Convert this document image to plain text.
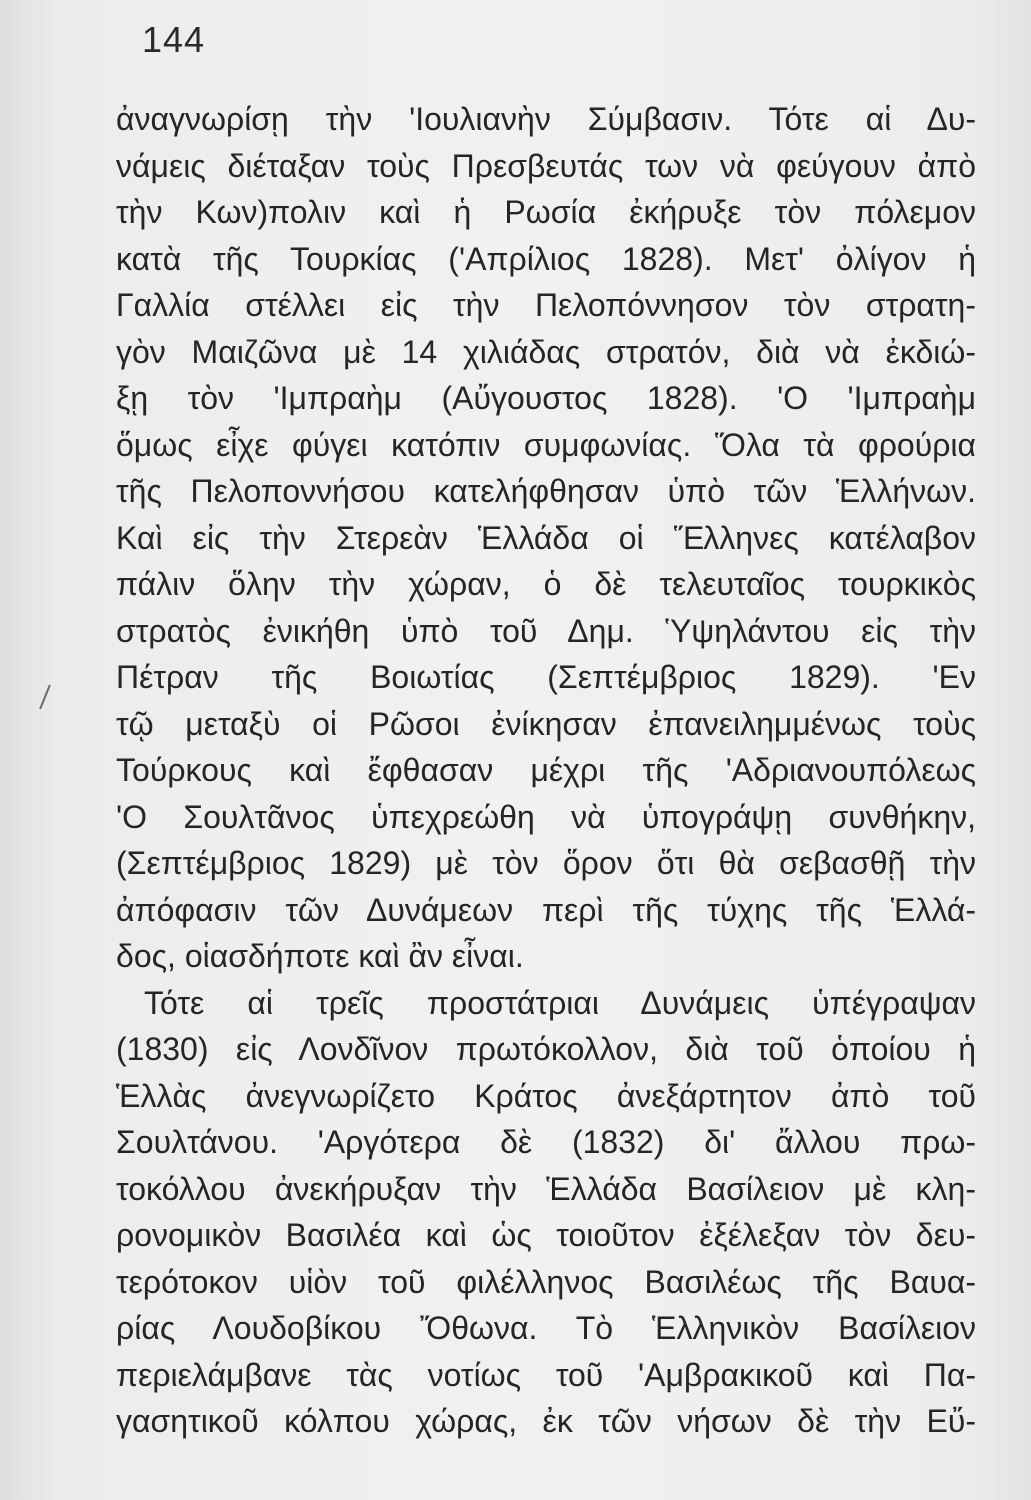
144
ἀναγνωρίσῃ τὴν 'Ιουλιανὴν Σύμβασιν. Τότε αἱ Δυ-
νάμεις διέταξαν τοὺς Πρεσβευτάς των νὰ φεύγουν ἀπὸ
τὴν Κων)πολιν καὶ ἡ Ρωσία ἐκήρυξε τὸν πόλεμον
κατὰ τῆς Τουρκίας ('Απρίλιος 1828). Μετ' ὀλίγον ἡ
Γαλλία στέλλει εἰς τὴν Πελοπόννησον τὸν στρατη-
γὸν Μαιζῶνα μὲ 14 χιλιάδας στρατόν, διὰ νὰ ἐκδιώ-
ξῃ τὸν 'Ιμπραὴμ (Αὔγουστος 1828). 'Ο 'Ιμπραὴμ
ὅμως εἶχε φύγει κατόπιν συμφωνίας. Ὅλα τὰ φρούρια
τῆς Πελοποννήσου κατελήφθησαν ὑπὸ τῶν Ἑλλήνων.
Καὶ εἰς τὴν Στερεὰν Ἑλλάδα οἱ Ἕλληνες κατέλαβον
πάλιν ὅλην τὴν χώραν, ὁ δὲ τελευταῖος τουρκικὸς
στρατὸς ἐνικήθη ὑπὸ τοῦ Δημ. Ὑψηλάντου εἰς τὴν
Πέτραν τῆς Βοιωτίας (Σεπτέμβριος 1829). 'Εν
τῷ μεταξὺ οἱ Ρῶσοι ἐνίκησαν ἐπανειλημμένως τοὺς
Τούρκους καὶ ἔφθασαν μέχρι τῆς 'Αδριανουπόλεως
'Ο Σουλτᾶνος ὑπεχρεώθη νὰ ὑπογράψῃ συνθήκην,
(Σεπτέμβριος 1829) μὲ τὸν ὅρον ὅτι θὰ σεβασθῇ τὴν
ἀπόφασιν τῶν Δυνάμεων περὶ τῆς τύχης τῆς Ἑλλά-
δος, οἱασδήποτε καὶ ἂν εἶναι.
Τότε αἱ τρεῖς προστάτριαι Δυνάμεις ὑπέγραψαν
(1830) εἰς Λονδῖνον πρωτόκολλον, διὰ τοῦ ὁποίου ἡ
Ἑλλὰς ἀνεγνωρίζετο Κράτος ἀνεξάρτητον ἀπὸ τοῦ
Σουλτάνου. 'Αργότερα δὲ (1832) δι' ἄλλου πρω-
τοκόλλου ἀνεκήρυξαν τὴν Ἑλλάδα Βασίλειον μὲ κλη-
ρονομικὸν Βασιλέα καὶ ὡς τοιοῦτον ἐξέλεξαν τὸν δευ-
τερότοκον υἱὸν τοῦ φιλέλληνος Βασιλέως τῆς Βαυα-
ρίας Λουδοβίκου Ὄθωνα. Τὸ Ἑλληνικὸν Βασίλειον
περιελάμβανε τὰς νοτίως τοῦ 'Αμβρακικοῦ καὶ Πα-
γασητικοῦ κόλπου χώρας, ἐκ τῶν νήσων δὲ τὴν Εὔ-
